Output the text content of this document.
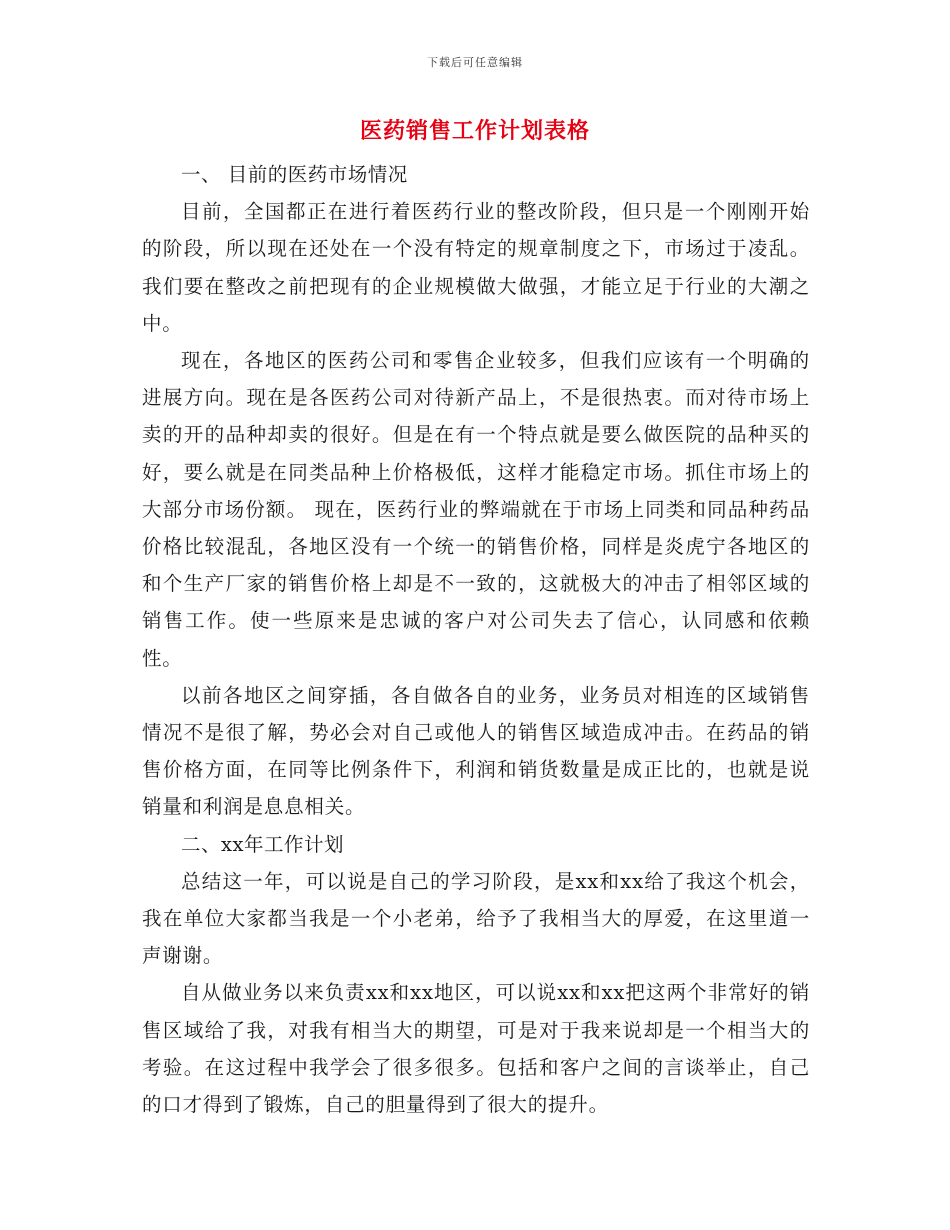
下载后可任意编辑
医药销售工作计划表格

一、 目前的医药市场情况

目前，全国都正在进行着医药行业的整改阶段，但只是一个刚刚开始的阶段，所以现在还处在一个没有特定的规章制度之下，市场过于凌乱。我们要在整改之前把现有的企业规模做大做强，才能立足于行业的大潮之中。

现在，各地区的医药公司和零售企业较多，但我们应该有一个明确的进展方向。现在是各医药公司对待新产品上，不是很热衷。而对待市场上卖的开的品种却卖的很好。但是在有一个特点就是要么做医院的品种买的好，要么就是在同类品种上价格极低，这样才能稳定市场。抓住市场上的大部分市场份额。 现在，医药行业的弊端就在于市场上同类和同品种药品价格比较混乱，各地区没有一个统一的销售价格，同样是炎虎宁各地区的和个生产厂家的销售价格上却是不一致的，这就极大的冲击了相邻区域的销售工作。使一些原来是忠诚的客户对公司失去了信心，认同感和依赖性。

以前各地区之间穿插，各自做各自的业务，业务员对相连的区域销售情况不是很了解，势必会对自己或他人的销售区域造成冲击。在药品的销售价格方面，在同等比例条件下，利润和销货数量是成正比的，也就是说销量和利润是息息相关。

二、xx年工作计划

总结这一年，可以说是自己的学习阶段，是xx和xx给了我这个机会，我在单位大家都当我是一个小老弟，给予了我相当大的厚爱，在这里道一声谢谢。

自从做业务以来负责xx和xx地区，可以说xx和xx把这两个非常好的销售区域给了我，对我有相当大的期望，可是对于我来说却是一个相当大的考验。在这过程中我学会了很多很多。包括和客户之间的言谈举止，自己的口才得到了锻炼，自己的胆量得到了很大的提升。
